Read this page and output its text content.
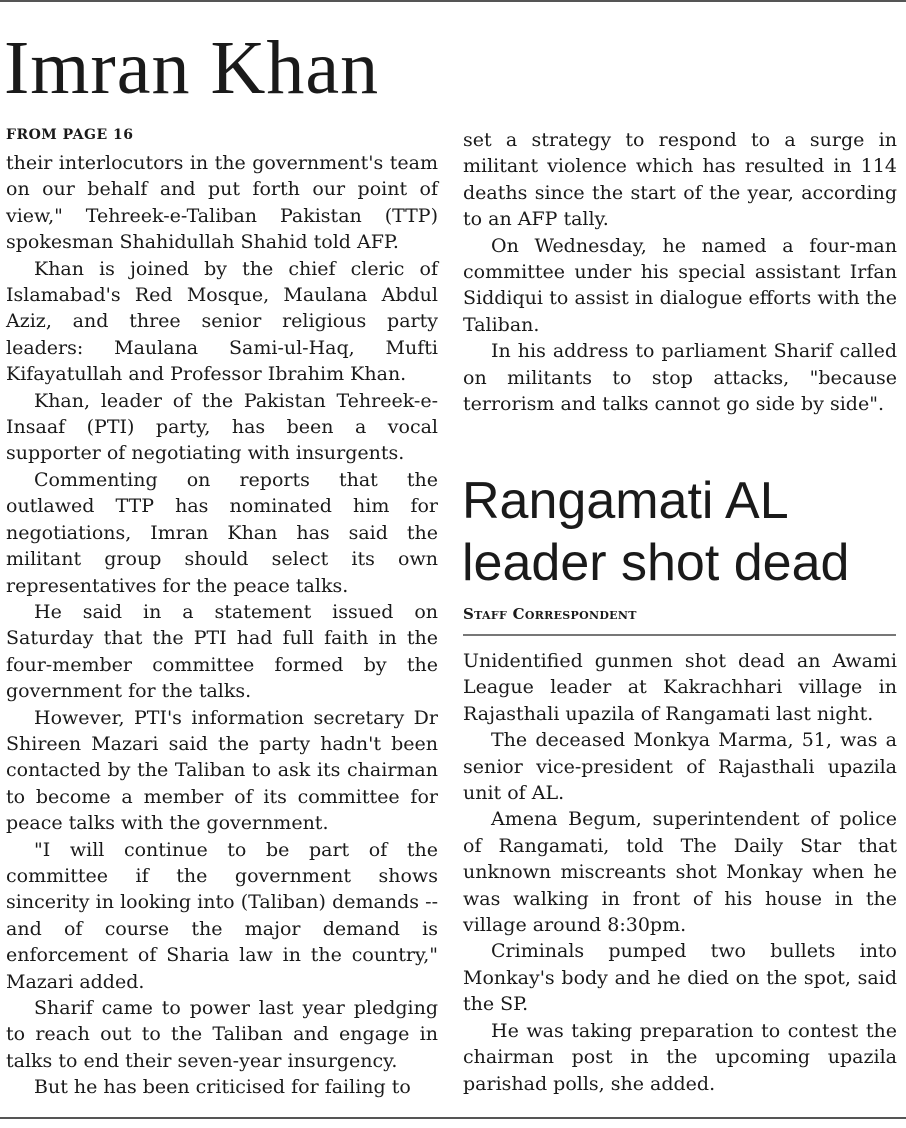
Imran Khan
FROM PAGE 16

their interlocutors in the government's team on our behalf and put forth our point of view," Tehreek-e-Taliban Pakistan (TTP) spokesman Shahidullah Shahid told AFP.

Khan is joined by the chief cleric of Islamabad's Red Mosque, Maulana Abdul Aziz, and three senior religious party leaders: Maulana Sami-ul-Haq, Mufti Kifayatullah and Professor Ibrahim Khan.

Khan, leader of the Pakistan Tehreek-e-Insaaf (PTI) party, has been a vocal supporter of negotiating with insurgents.

Commenting on reports that the outlawed TTP has nominated him for negotiations, Imran Khan has said the militant group should select its own representatives for the peace talks.

He said in a statement issued on Saturday that the PTI had full faith in the four-member committee formed by the government for the talks.

However, PTI's information secretary Dr Shireen Mazari said the party hadn't been contacted by the Taliban to ask its chairman to become a member of its committee for peace talks with the government.

"I will continue to be part of the committee if the government shows sincerity in looking into (Taliban) demands -- and of course the major demand is enforcement of Sharia law in the country," Mazari added.

Sharif came to power last year pledging to reach out to the Taliban and engage in talks to end their seven-year insurgency.

But he has been criticised for failing to

set a strategy to respond to a surge in militant violence which has resulted in 114 deaths since the start of the year, according to an AFP tally.

On Wednesday, he named a four-man committee under his special assistant Irfan Siddiqui to assist in dialogue efforts with the Taliban.

In his address to parliament Sharif called on militants to stop attacks, "because terrorism and talks cannot go side by side".

Rangamati AL leader shot dead
Staff Correspondent

Unidentified gunmen shot dead an Awami League leader at Kakrachhari village in Rajasthali upazila of Rangamati last night.

The deceased Monkya Marma, 51, was a senior vice-president of Rajasthali upazila unit of AL.

Amena Begum, superintendent of police of Rangamati, told The Daily Star that unknown miscreants shot Monkay when he was walking in front of his house in the village around 8:30pm.

Criminals pumped two bullets into Monkay's body and he died on the spot, said the SP.

He was taking preparation to contest the chairman post in the upcoming upazila parishad polls, she added.
